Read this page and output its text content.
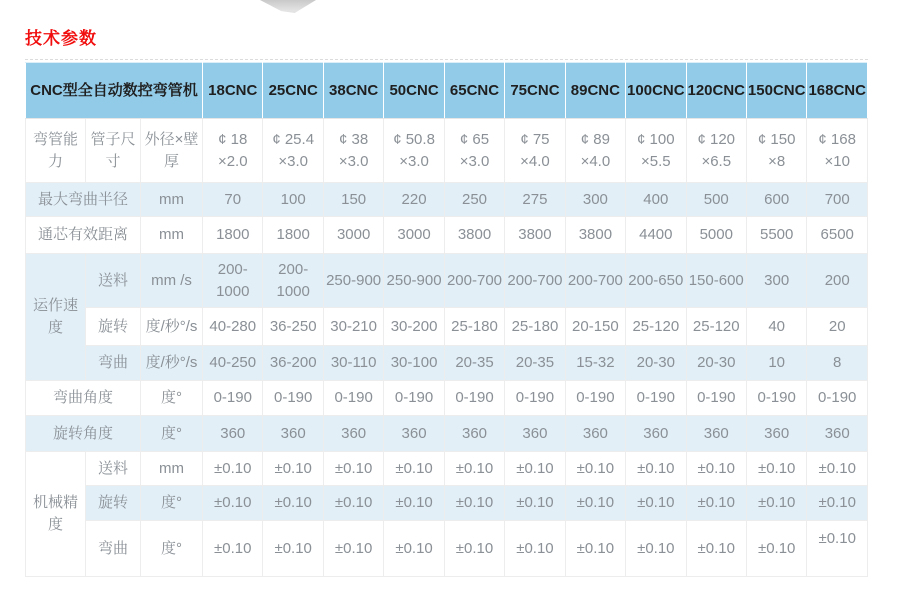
技术参数
CNC型全自动数控弯管机			18CNC	25CNC	38CNC	50CNC	65CNC	75CNC	89CNC	100CNC	120CNC	150CNC	168CNC
弯管能力	管子尺寸	外径×壁厚	¢ 18 ×2.0	¢ 25.4 ×3.0	¢ 38 ×3.0	¢ 50.8 ×3.0	¢ 65 ×3.0	¢ 75 ×4.0	¢ 89 ×4.0	¢ 100 ×5.5	¢ 120 ×6.5	¢ 150 ×8	¢ 168 ×10
最大弯曲半径		mm	70	100	150	220	250	275	300	400	500	600	700
通芯有效距离		mm	1800	1800	3000	3000	3800	3800	3800	4400	5000	5500	6500
运作速度	送料	mm /s	200-1000	200-1000	250-900	250-900	200-700	200-700	200-700	200-650	150-600	300	200
	旋转	度/秒°/s	40-280	36-250	30-210	30-200	25-180	25-180	20-150	25-120	25-120	40	20
	弯曲	度/秒°/s	40-250	36-200	30-110	30-100	20-35	20-35	15-32	20-30	20-30	10	8
弯曲角度		度°	0-190	0-190	0-190	0-190	0-190	0-190	0-190	0-190	0-190	0-190	0-190
旋转角度		度°	360	360	360	360	360	360	360	360	360	360	360
机械精度	送料	mm	±0.10	±0.10	±0.10	±0.10	±0.10	±0.10	±0.10	±0.10	±0.10	±0.10	±0.10
	旋转	度°	±0.10	±0.10	±0.10	±0.10	±0.10	±0.10	±0.10	±0.10	±0.10	±0.10	±0.10
	弯曲	度°	±0.10	±0.10	±0.10	±0.10	±0.10	±0.10	±0.10	±0.10	±0.10	±0.10	±0.10
